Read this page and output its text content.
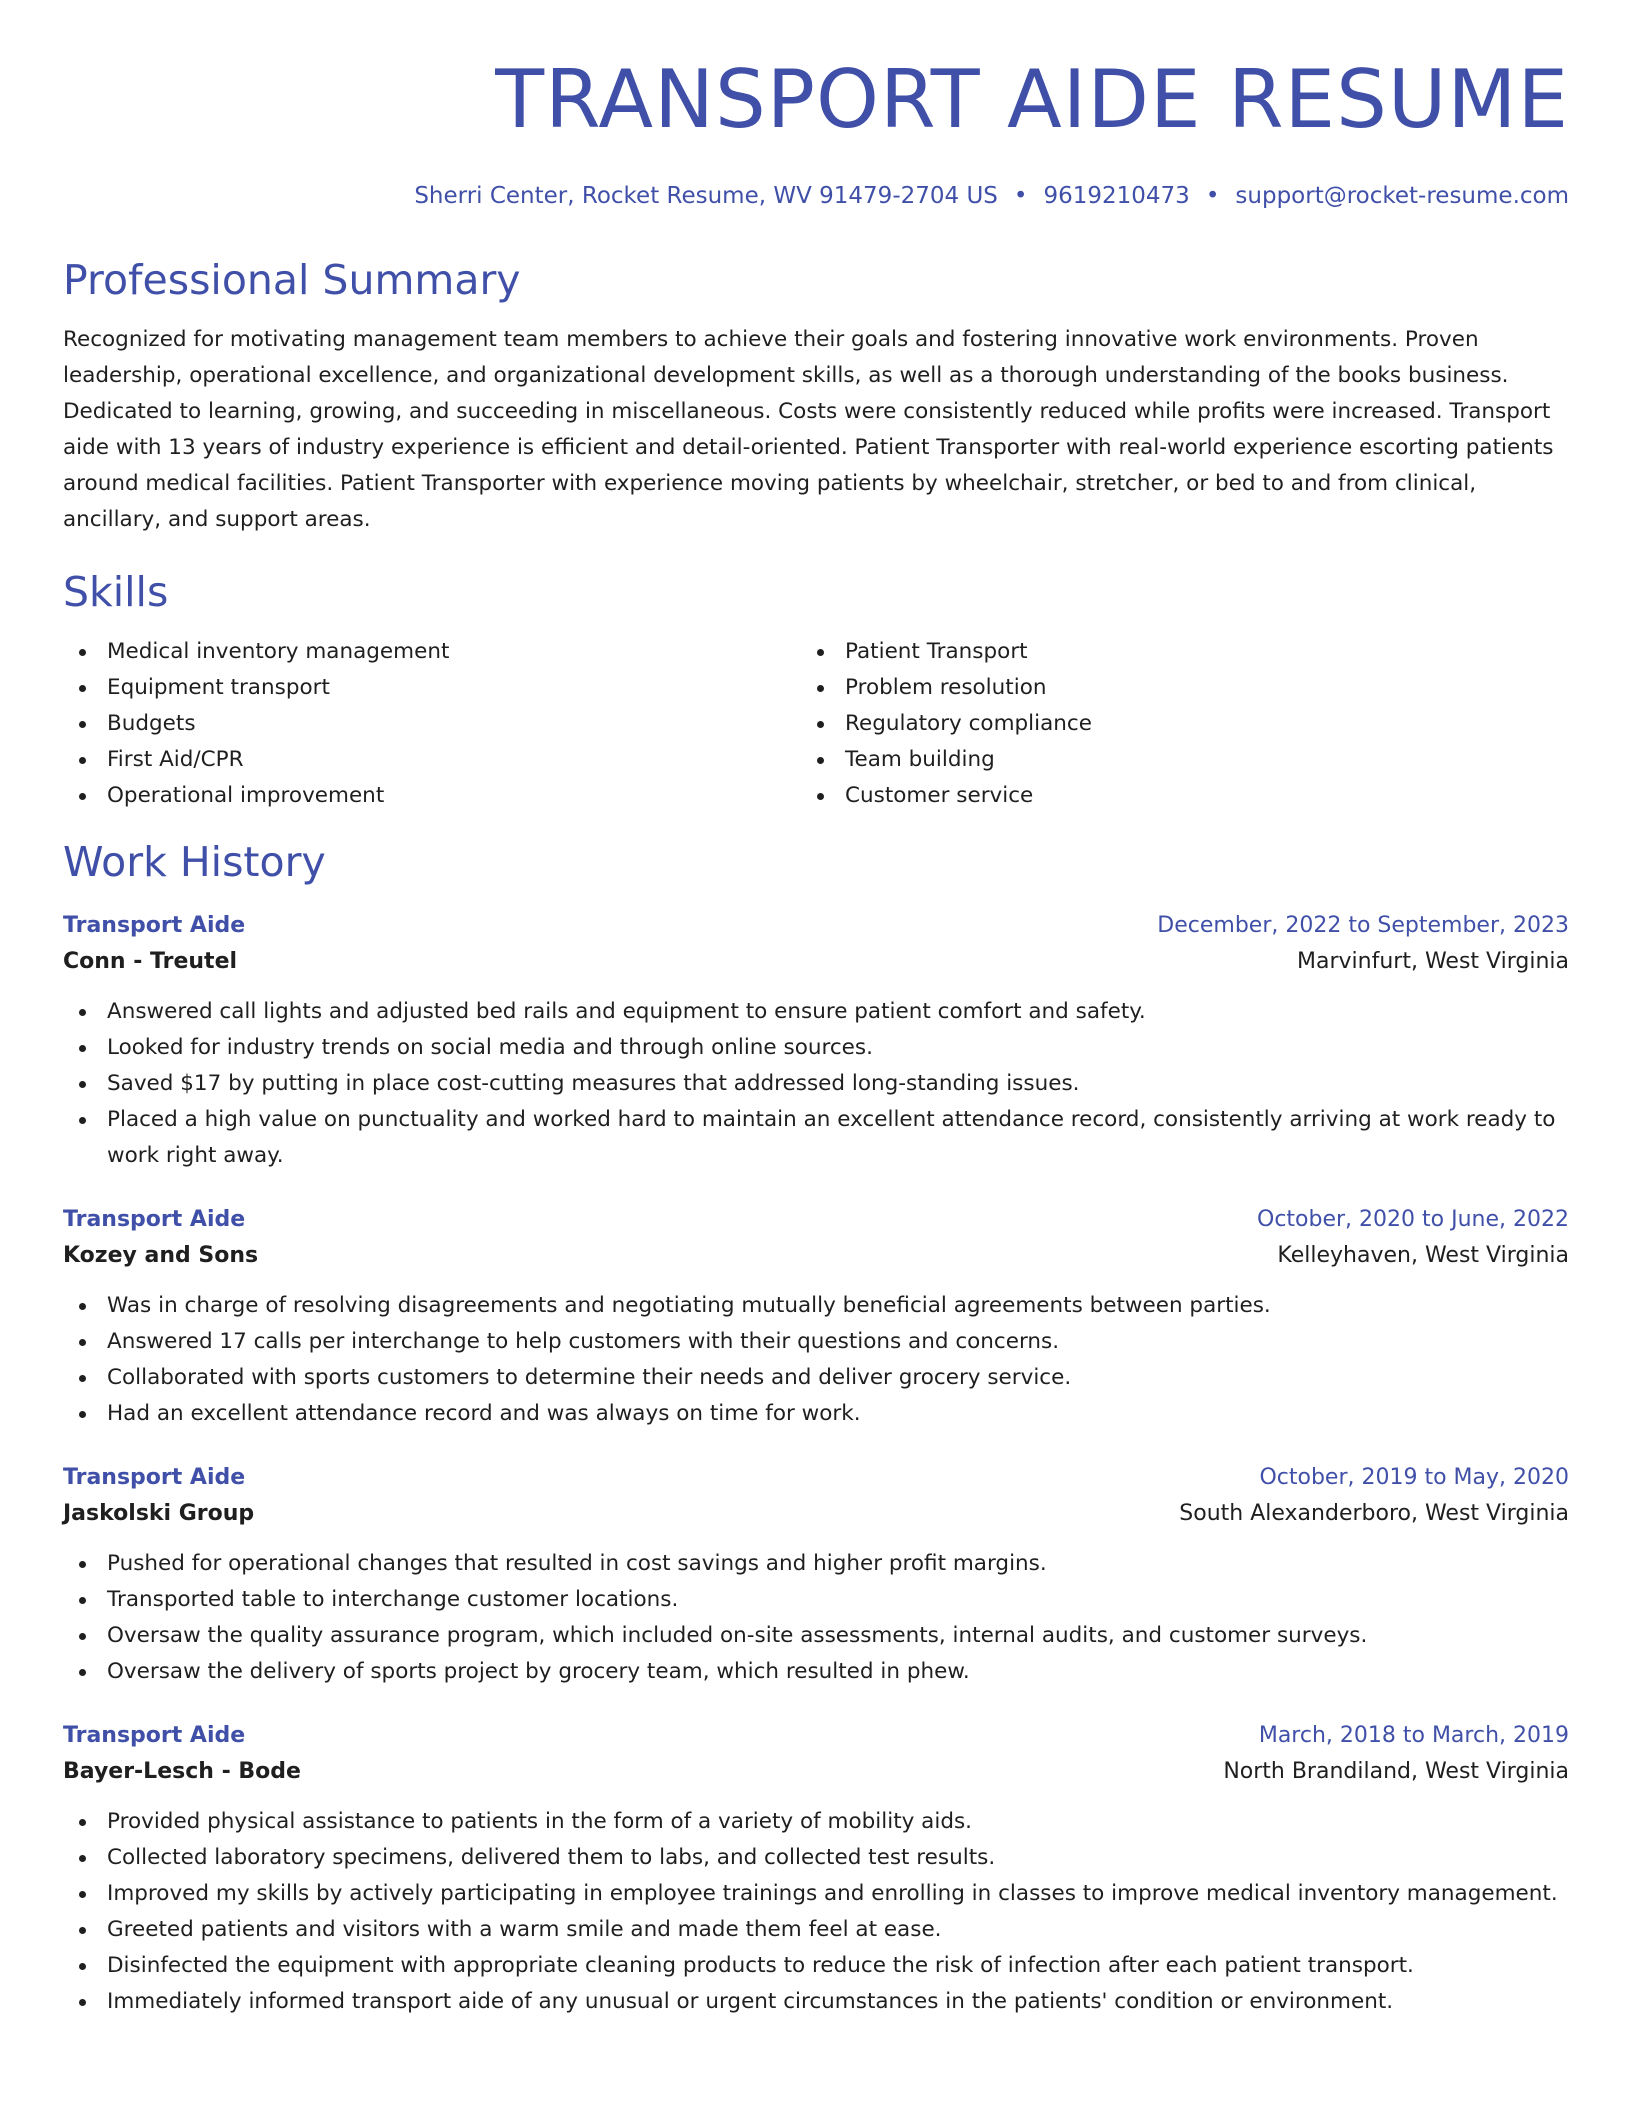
TRANSPORT AIDE RESUME
Sherri Center, Rocket Resume, WV 91479-2704 US • 9619210473 • support@rocket-resume.com
Professional Summary

Recognized for motivating management team members to achieve their goals and fostering innovative work environments. Proven leadership, operational excellence, and organizational development skills, as well as a thorough understanding of the books business. Dedicated to learning, growing, and succeeding in miscellaneous. Costs were consistently reduced while profits were increased. Transport aide with 13 years of industry experience is efficient and detail-oriented. Patient Transporter with real-world experience escorting patients around medical facilities. Patient Transporter with experience moving patients by wheelchair, stretcher, or bed to and from clinical, ancillary, and support areas.

Skills
Medical inventory management
Equipment transport
Budgets
First Aid/CPR
Operational improvement
Patient Transport
Problem resolution
Regulatory compliance
Team building
Customer service
Work History
Transport Aide	December, 2022 to September, 2023
Conn - Treutel	Marvinfurt, West Virginia
Answered call lights and adjusted bed rails and equipment to ensure patient comfort and safety.
Looked for industry trends on social media and through online sources.
Saved $17 by putting in place cost-cutting measures that addressed long-standing issues.
Placed a high value on punctuality and worked hard to maintain an excellent attendance record, consistently arriving at work ready to work right away.
Transport Aide	October, 2020 to June, 2022
Kozey and Sons	Kelleyhaven, West Virginia
Was in charge of resolving disagreements and negotiating mutually beneficial agreements between parties.
Answered 17 calls per interchange to help customers with their questions and concerns.
Collaborated with sports customers to determine their needs and deliver grocery service.
Had an excellent attendance record and was always on time for work.
Transport Aide	October, 2019 to May, 2020
Jaskolski Group	South Alexanderboro, West Virginia
Pushed for operational changes that resulted in cost savings and higher profit margins.
Transported table to interchange customer locations.
Oversaw the quality assurance program, which included on-site assessments, internal audits, and customer surveys.
Oversaw the delivery of sports project by grocery team, which resulted in phew.
Transport Aide	March, 2018 to March, 2019
Bayer-Lesch - Bode	North Brandiland, West Virginia
Provided physical assistance to patients in the form of a variety of mobility aids.
Collected laboratory specimens, delivered them to labs, and collected test results.
Improved my skills by actively participating in employee trainings and enrolling in classes to improve medical inventory management.
Greeted patients and visitors with a warm smile and made them feel at ease.
Disinfected the equipment with appropriate cleaning products to reduce the risk of infection after each patient transport.
Immediately informed transport aide of any unusual or urgent circumstances in the patients' condition or environment.
